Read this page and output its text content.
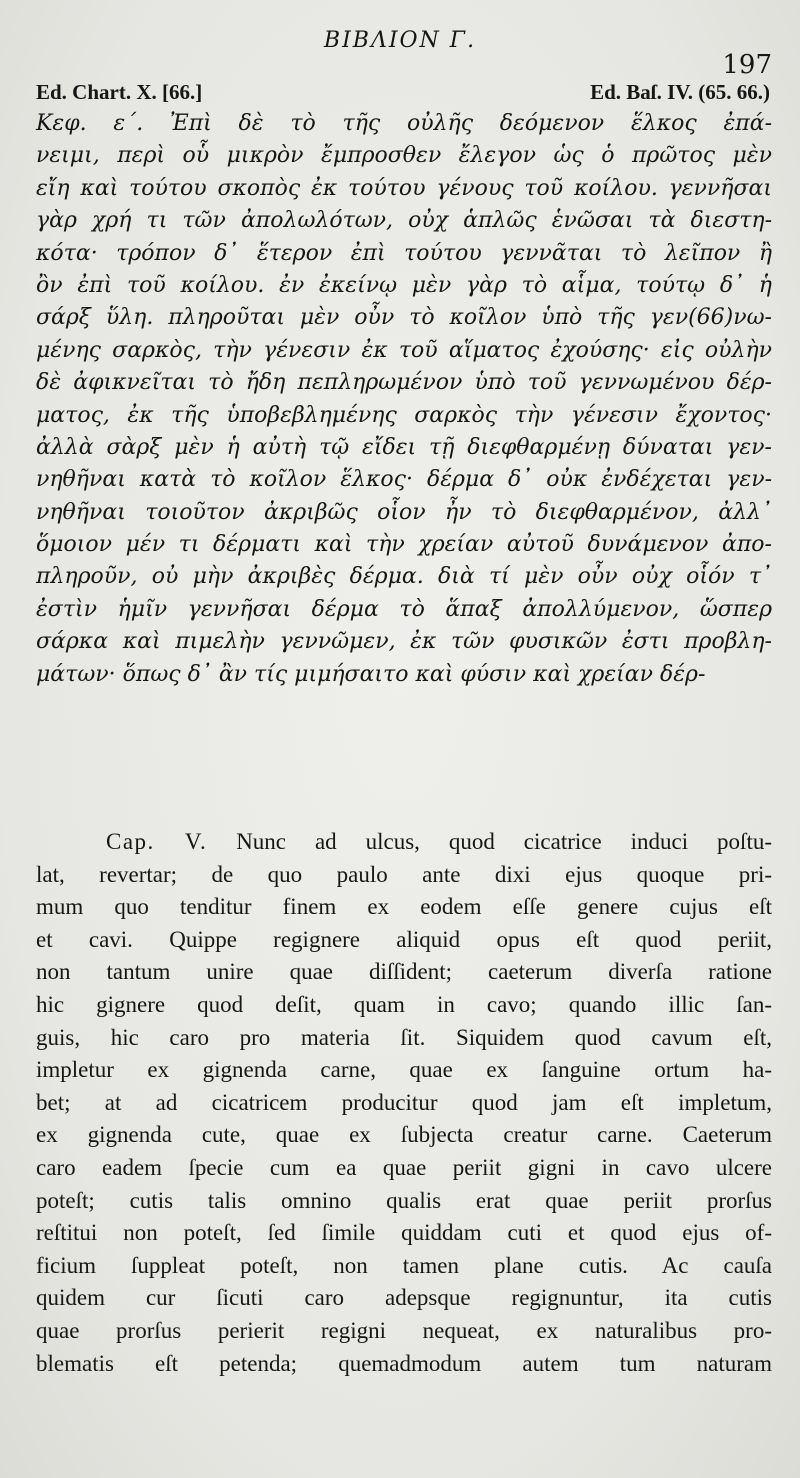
ΒΙΒΛΙΟΝ Γ.
197
Ed. Chart. X. [66.]	Ed. Baſ. IV. (65. 66.)
Κεφ. ε΄. Ἐπὶ δὲ τὸ τῆς οὐλῆς δεόμενον ἕλκος ἐπά-
νειμι, περὶ οὗ μικρὸν ἔμπροσθεν ἔλεγον ὡς ὁ πρῶτος μὲν
εἴη καὶ τούτου σκοπὸς ἐκ τούτου γένους τοῦ κοίλου. γεννῆσαι
γὰρ χρή τι τῶν ἀπολωλότων, οὐχ ἁπλῶς ἑνῶσαι τὰ διεστη-
κότα· τρόπον δ᾽ ἕτερον ἐπὶ τούτου γεννᾶται τὸ λεῖπον ἢ
ὂν ἐπὶ τοῦ κοίλου. ἐν ἐκείνῳ μὲν γὰρ τὸ αἷμα, τούτῳ δ᾽ ἡ
σάρξ ὕλη. πληροῦται μὲν οὖν τὸ κοῖλον ὑπὸ τῆς γεν(66)νω-
μένης σαρκὸς, τὴν γένεσιν ἐκ τοῦ αἵματος ἐχούσης· εἰς οὐλὴν
δὲ ἀφικνεῖται τὸ ἤδη πεπληρωμένον ὑπὸ τοῦ γεννωμένου δέρ-
ματος, ἐκ τῆς ὑποβεβλημένης σαρκὸς τὴν γένεσιν ἔχοντος·
ἀλλὰ σὰρξ μὲν ἡ αὐτὴ τῷ εἴδει τῇ διεφθαρμένῃ δύναται γεν-
νηθῆναι κατὰ τὸ κοῖλον ἕλκος· δέρμα δ᾽ οὐκ ἐνδέχεται γεν-
νηθῆναι τοιοῦτον ἀκριβῶς οἷον ἦν τὸ διεφθαρμένον, ἀλλ᾽
ὅμοιον μέν τι δέρματι καὶ τὴν χρείαν αὐτοῦ δυνάμενον ἀπο-
πληροῦν, οὐ μὴν ἀκριβὲς δέρμα. διὰ τί μὲν οὖν οὐχ οἷόν τ᾽
ἐστὶν ἡμῖν γεννῆσαι δέρμα τὸ ἅπαξ ἀπολλύμενον, ὥσπερ
σάρκα καὶ πιμελὴν γεννῶμεν, ἐκ τῶν φυσικῶν ἐστι προβλη-
μάτων· ὅπως δ᾽ ἂν τίς μιμήσαιτο καὶ φύσιν καὶ χρείαν δέρ-
Cap. V. Nunc ad ulcus, quod cicatrice induci poſtu-
lat, revertar; de quo paulo ante dixi ejus quoque pri-
mum quo tenditur finem ex eodem eſſe genere cujus eſt
et cavi. Quippe regignere aliquid opus eſt quod periit,
non tantum unire quae diſſident; caeterum diverſa ratione
hic gignere quod deſit, quam in cavo; quando illic ſan-
guis, hic caro pro materia ſit. Siquidem quod cavum eſt,
impletur ex gignenda carne, quae ex ſanguine ortum ha-
bet; at ad cicatricem producitur quod jam eſt impletum,
ex gignenda cute, quae ex ſubjecta creatur carne. Caeterum
caro eadem ſpecie cum ea quae periit gigni in cavo ulcere
poteſt; cutis talis omnino qualis erat quae periit prorſus
reſtitui non poteſt, ſed ſimile quiddam cuti et quod ejus of-
ficium ſuppleat poteſt, non tamen plane cutis. Ac cauſa
quidem cur ſicuti caro adepsque regignuntur, ita cutis
quae prorſus perierit regigni nequeat, ex naturalibus pro-
blematis eſt petenda; quemadmodum autem tum naturam
